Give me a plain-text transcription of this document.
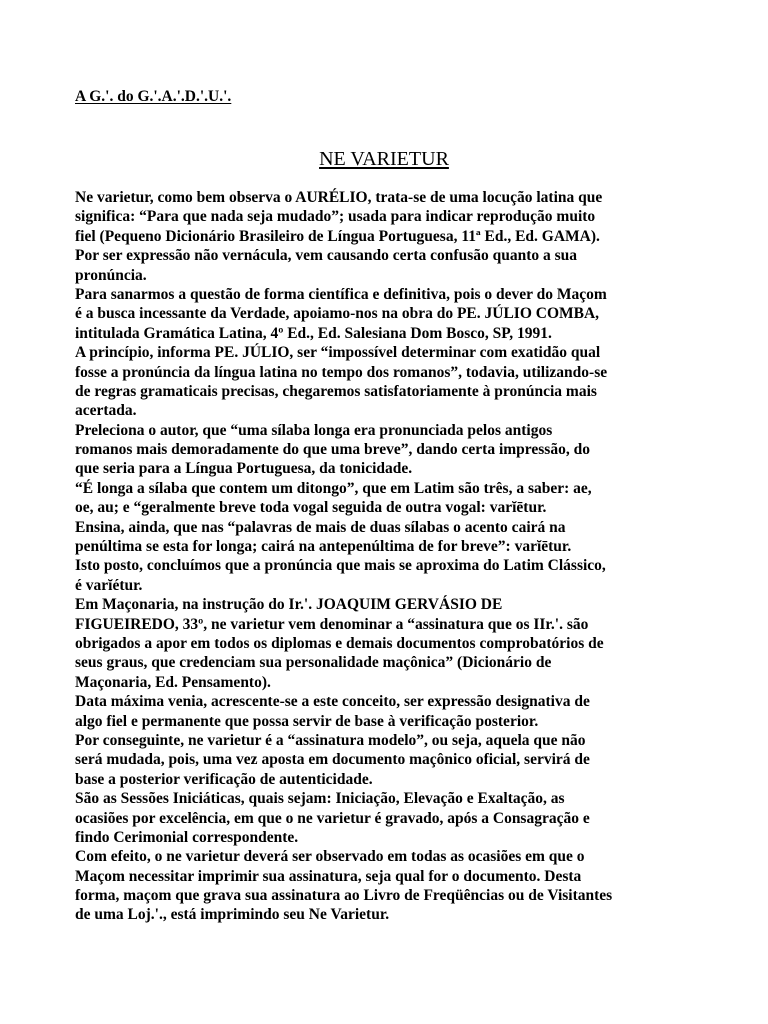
A G.'. do G.'.A.'.D.'.U.'.
NE VARIETUR
Ne varietur, como bem observa o AURÉLIO, trata-se de uma locução latina que
significa: “Para que nada seja mudado”; usada para indicar reprodução muito
fiel (Pequeno Dicionário Brasileiro de Língua Portuguesa, 11ª Ed., Ed. GAMA).
Por ser expressão não vernácula, vem causando certa confusão quanto a sua
pronúncia.
Para sanarmos a questão de forma científica e definitiva, pois o dever do Maçom
é a busca incessante da Verdade, apoiamo-nos na obra do PE. JÚLIO COMBA,
intitulada Gramática Latina, 4º Ed., Ed. Salesiana Dom Bosco, SP, 1991.
A princípio, informa PE. JÚLIO, ser “impossível determinar com exatidão qual
fosse a pronúncia da língua latina no tempo dos romanos”, todavia, utilizando-se
de regras gramaticais precisas, chegaremos satisfatoriamente à pronúncia mais
acertada.
Preleciona o autor, que “uma sílaba longa era pronunciada pelos antigos
romanos mais demoradamente do que uma breve”, dando certa impressão, do
que seria para a Língua Portuguesa, da tonicidade.
“É longa a sílaba que contem um ditongo”, que em Latim são três, a saber: ae,
oe, au; e “geralmente breve toda vogal seguida de outra vogal: varĭētur.
Ensina, ainda, que nas “palavras de mais de duas sílabas o acento cairá na
penúltima se esta for longa; cairá na antepenúltima de for breve”: varĭētur.
Isto posto, concluímos que a pronúncia que mais se aproxima do Latim Clássico,
é varĭétur.
Em Maçonaria, na instrução do Ir.'. JOAQUIM GERVÁSIO DE
FIGUEIREDO, 33º, ne varietur vem denominar a “assinatura que os IIr.'. são
obrigados a apor em todos os diplomas e demais documentos comprobatórios de
seus graus, que credenciam sua personalidade maçônica” (Dicionário de
Maçonaria, Ed. Pensamento).
Data máxima venia, acrescente-se a este conceito, ser expressão designativa de
algo fiel e permanente que possa servir de base à verificação posterior.
Por conseguinte, ne varietur é a “assinatura modelo”, ou seja, aquela que não
será mudada, pois, uma vez aposta em documento maçônico oficial, servirá de
base a posterior verificação de autenticidade.
São as Sessões Iniciáticas, quais sejam: Iniciação, Elevação e Exaltação, as
ocasiões por excelência, em que o ne varietur é gravado, após a Consagração e
findo Cerimonial correspondente.
Com efeito, o ne varietur deverá ser observado em todas as ocasiões em que o
Maçom necessitar imprimir sua assinatura, seja qual for o documento. Desta
forma, maçom que grava sua assinatura ao Livro de Freqüências ou de Visitantes
de uma Loj.'., está imprimindo seu Ne Varietur.
